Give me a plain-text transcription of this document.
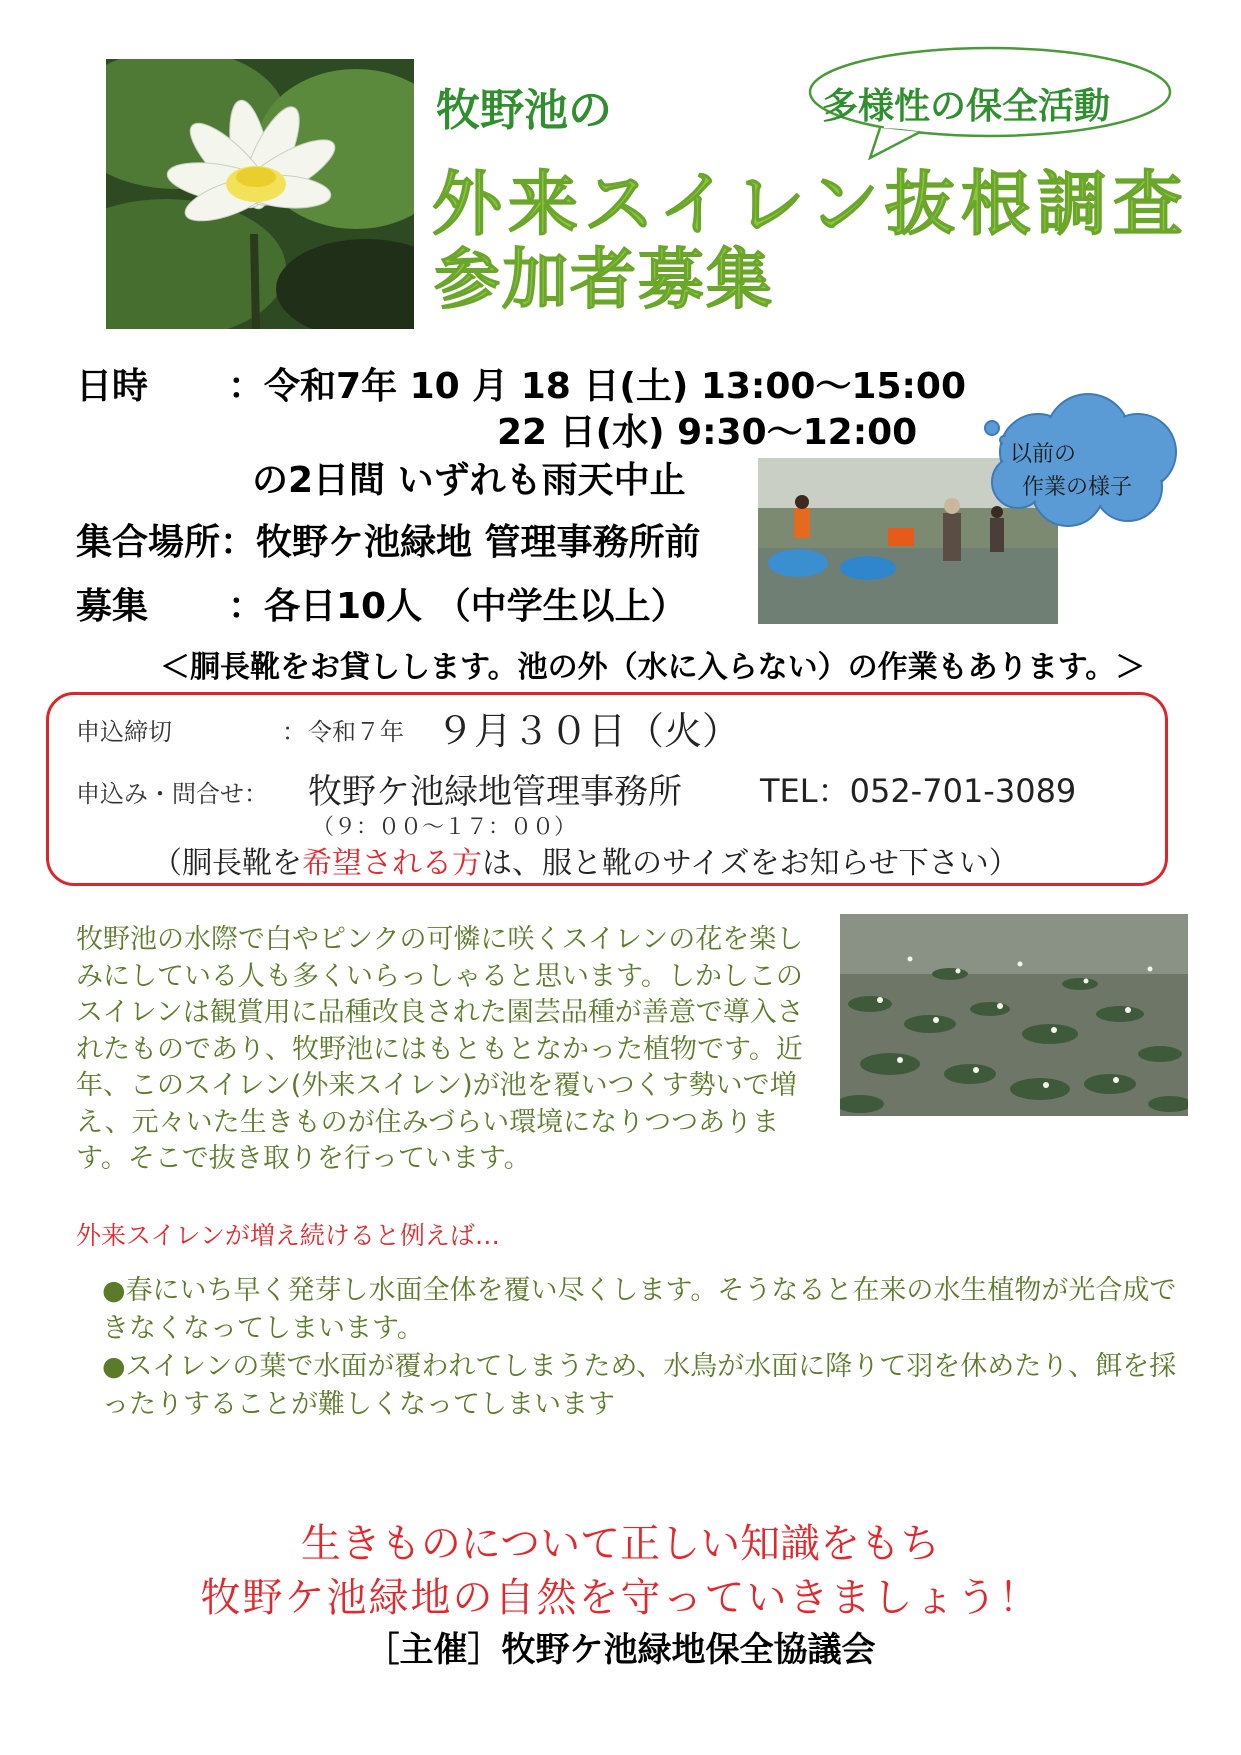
牧野池の	多様性の保全活動
外来スイレン抜根調査
参加者募集
日時 ：令和7年 10 月 18 日(土) 13:00～15:00
22 日(水) 9:30～12:00
の2日間 いずれも雨天中止
集合場所：牧野ケ池緑地 管理事務所前
募集 ：各日10人 （中学生以上）
以前の
作業の様子
＜胴長靴をお貸しします。池の外（水に入らない）の作業もあります。＞
申込締切	： 令和７年 ９月３０日（火）
申込み・問合せ： 牧野ケ池緑地管理事務所 TEL：052-701-3089
（９：００～１７：００）
（胴長靴を希望される方は、服と靴のサイズをお知らせ下さい）
牧野池の水際で白やピンクの可憐に咲くスイレンの花を楽しみにしている人も多くいらっしゃると思います。しかしこのスイレンは観賞用に品種改良された園芸品種が善意で導入されたものであり、牧野池にはもともとなかった植物です。近年、このスイレン(外来スイレン)が池を覆いつくす勢いで増え、元々いた生きものが住みづらい環境になりつつあります。そこで抜き取りを行っています。
外来スイレンが増え続けると例えば…
●春にいち早く発芽し水面全体を覆い尽くします。そうなると在来の水生植物が光合成できなくなってしまいます。
●スイレンの葉で水面が覆われてしまうため、水鳥が水面に降りて羽を休めたり、餌を採ったりすることが難しくなってしまいます
生きものについて正しい知識をもち
牧野ケ池緑地の自然を守っていきましょう！
［主催］牧野ケ池緑地保全協議会
